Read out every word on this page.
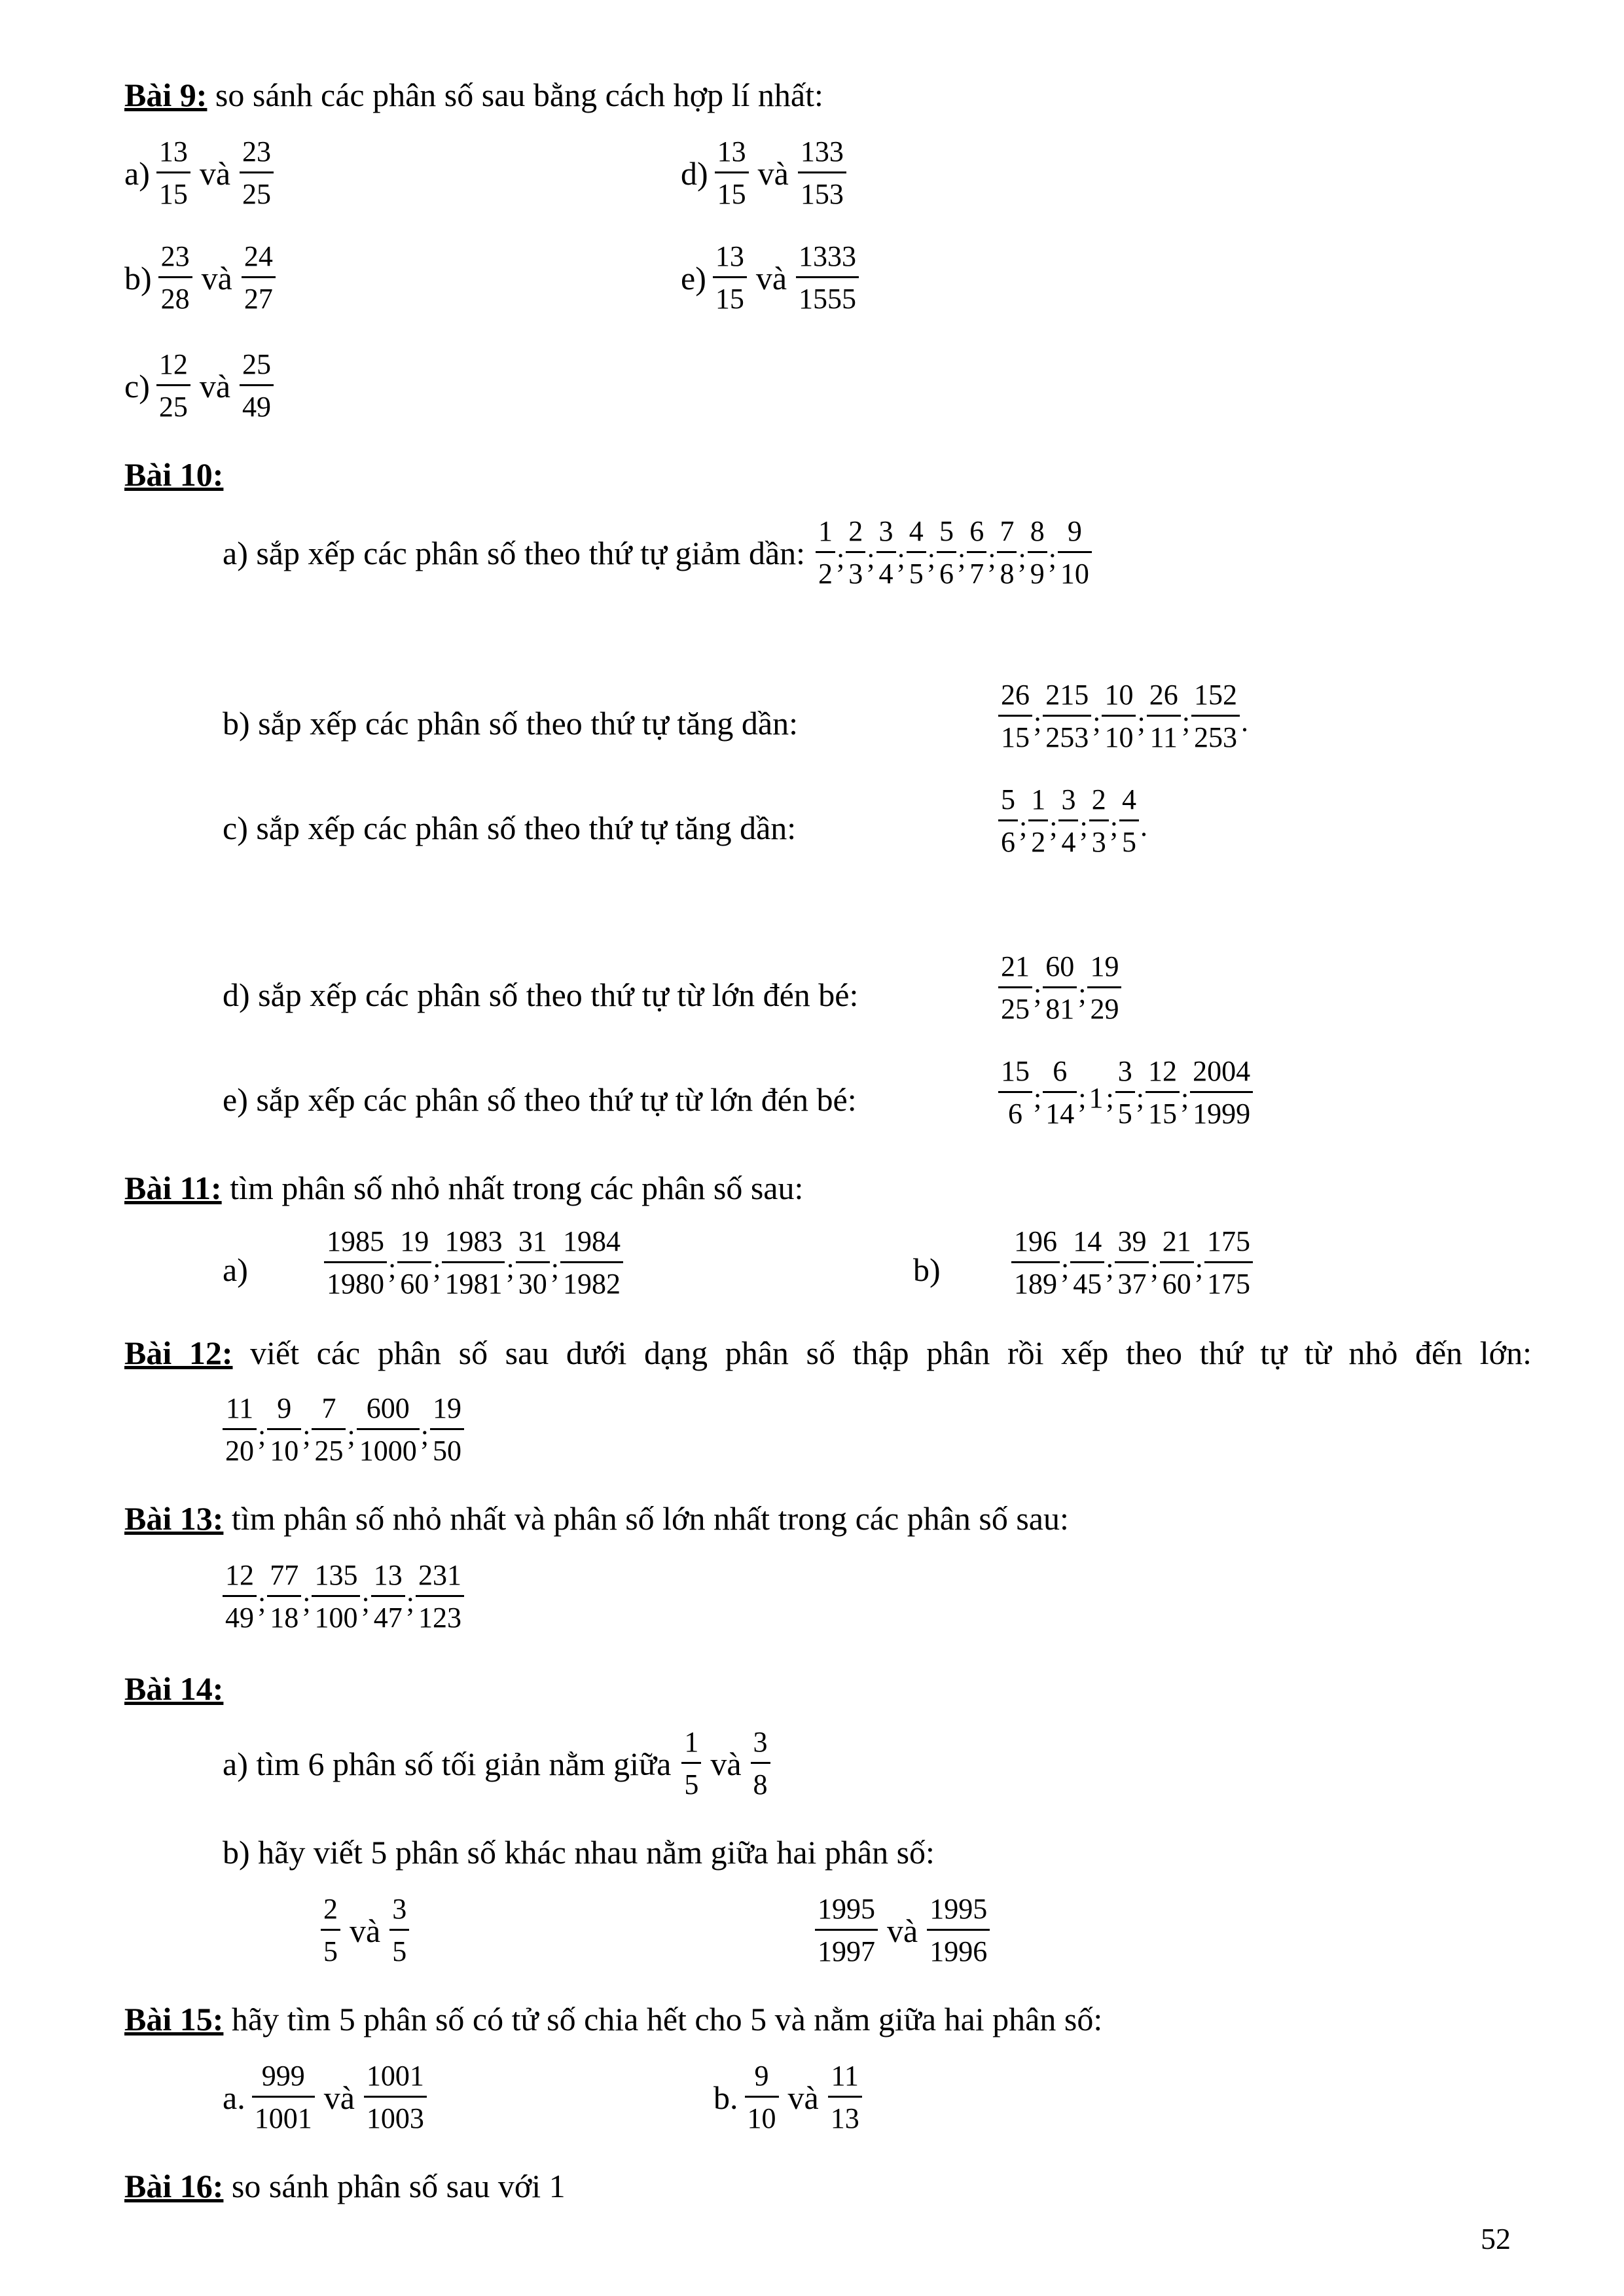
Bài 9: so sánh các phân số sau bằng cách hợp lí nhất:
$a) \frac{13}{15}$ và $\frac{23}{25}$	$d) \frac{13}{15}$ và $\frac{133}{153}$
$b) \frac{23}{28}$ và $\frac{24}{27}$	$e) \frac{13}{15}$ và $\frac{1333}{1555}$
$c) \frac{12}{25}$ và $\frac{25}{49}$
Bài 10:
a) sắp xếp các phân số theo thứ tự giảm dần: $\frac{1}{2}$ ; $\frac{2}{3}$ ; $\frac{3}{4}$ ; $\frac{4}{5}$ ; $\frac{5}{6}$ ; $\frac{6}{7}$ ; $\frac{7}{8}$ ; $\frac{8}{9}$ ; $\frac{9}{10}$
b) sắp xếp các phân số theo thứ tự tăng dần:	$\frac{26}{15}$ ; $\frac{215}{253}$ ; $\frac{10}{10}$ ; $\frac{26}{11}$ ; $\frac{152}{253}$ .
c) sắp xếp các phân số theo thứ tự tăng dần:	$\frac{5}{6}$ ; $\frac{1}{2}$ ; $\frac{3}{4}$ ; $\frac{2}{3}$ ; $\frac{4}{5}$ .
d) sắp xếp các phân số theo thứ tự từ lớn đén bé:	$\frac{21}{25}$ ; $\frac{60}{81}$ ; $\frac{19}{29}$
e) sắp xếp các phân số theo thứ tự từ lớn đén bé:	$\frac{15}{6}$ ; $\frac{6}{14}$ ; 1 ; $\frac{3}{5}$ ; $\frac{12}{15}$ ; $\frac{2004}{1999}$
Bài 11: tìm phân số nhỏ nhất trong các phân số sau:
a)	$\frac{1985}{1980}$ ; $\frac{19}{60}$ ; $\frac{1983}{1981}$ ; $\frac{31}{30}$ ; $\frac{1984}{1982}$	$b) \frac{196}{189}$ ; $\frac{14}{45}$ ; $\frac{39}{37}$ ; $\frac{21}{60}$ ; $\frac{175}{175}$
Bài 12: viết các phân số sau dưới dạng phân số thập phân rồi xếp theo thứ tự từ nhỏ đến lớn:
$\frac{11}{20}$ ; $\frac{9}{10}$ ; $\frac{7}{25}$ ; $\frac{600}{1000}$ ; $\frac{19}{50}$
Bài 13: tìm phân số nhỏ nhất và phân số lớn nhất trong các phân số sau:
$\frac{12}{49}$ ; $\frac{77}{18}$ ; $\frac{135}{100}$ ; $\frac{13}{47}$ ; $\frac{231}{123}$
Bài 14:
a) tìm 6 phân số tối giản nằm giữa $\frac{1}{5}$ và $\frac{3}{8}$
b) hãy viết 5 phân số khác nhau nằm giữa hai phân số:
$\frac{2}{5}$ và $\frac{3}{5}$	$\frac{1995}{1997}$ và $\frac{1995}{1996}$
Bài 15: hãy tìm 5 phân số có tử số chia hết cho 5 và nằm giữa hai phân số:
a. $\frac{999}{1001}$ và $\frac{1001}{1003}$	b. $\frac{9}{10}$ và $\frac{11}{13}$
Bài 16: so sánh phân số sau với 1
52
